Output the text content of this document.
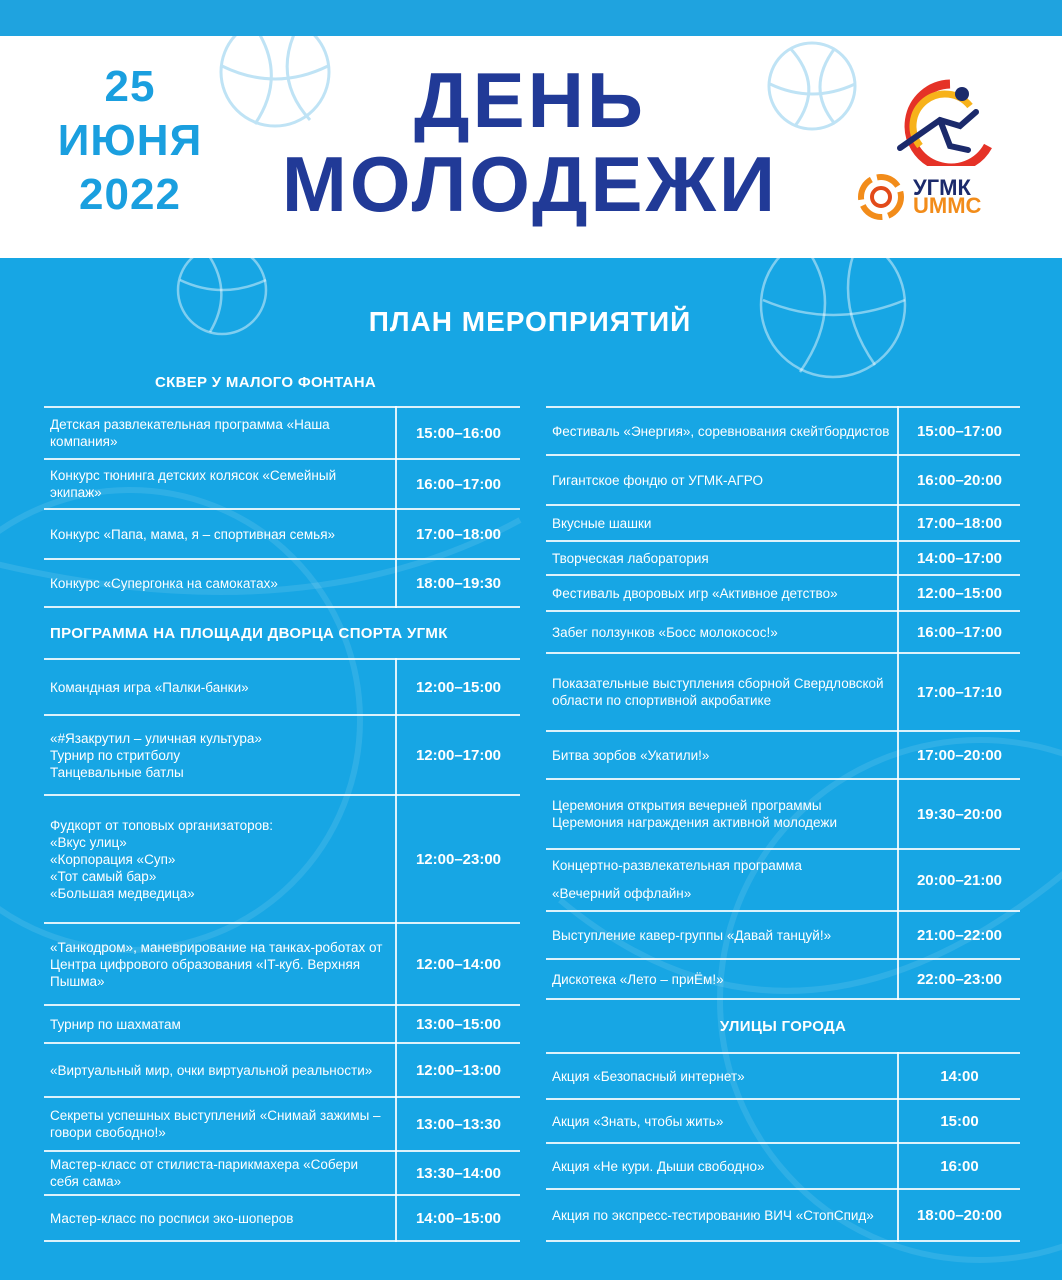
25
ИЮНЯ
2022
ДЕНЬ
МОЛОДЕЖИ	УГМК
UMMC
ПЛАН МЕРОПРИЯТИЙ
СКВЕР У МАЛОГО ФОНТАНА
Детская развлекательная программа «Наша компания»	15:00–16:00
Конкурс тюнинга детских колясок «Семейный экипаж»	16:00–17:00
Конкурс «Папа, мама, я – спортивная семья»	17:00–18:00
Конкурс «Супергонка на самокатах»	18:00–19:30
ПРОГРАММА НА ПЛОЩАДИ ДВОРЦА СПОРТА УГМК
Командная игра «Палки-банки»	12:00–15:00
«#Язакрутил – уличная культура»
Турнир по стритболу
Танцевальные батлы	12:00–17:00
Фудкорт от топовых организаторов:
«Вкус улиц»
«Корпорация «Суп»
«Тот самый бар»
«Большая медведица»	12:00–23:00
«Танкодром», маневрирование на танках-роботах от Центра цифрового образования «IT-куб. Верхняя Пышма»	12:00–14:00
Турнир по шахматам	13:00–15:00
«Виртуальный мир, очки виртуальной реальности»	12:00–13:00
Секреты успешных выступлений «Снимай зажимы – говори свободно!»	13:00–13:30
Мастер-класс от стилиста-парикмахера «Собери себя сама»	13:30–14:00
Мастер-класс по росписи эко-шоперов	14:00–15:00
Фестиваль «Энергия», соревнования скейтбордистов	15:00–17:00
Гигантское фондю от УГМК-АГРО	16:00–20:00
Вкусные шашки	17:00–18:00
Творческая лаборатория	14:00–17:00
Фестиваль дворовых игр «Активное детство»	12:00–15:00
Забег ползунков «Босс молокосос!»	16:00–17:00
Показательные выступления сборной Свердловской области по спортивной акробатике	17:00–17:10
Битва зорбов «Укатили!»	17:00–20:00
Церемония открытия вечерней программы
Церемония награждения активной молодежи	19:30–20:00
Концертно-развлекательная программа
«Вечерний оффлайн»	20:00–21:00
Выступление кавер-группы «Давай танцуй!»	21:00–22:00
Дискотека «Лето – приЁм!»	22:00–23:00
УЛИЦЫ ГОРОДА
Акция «Безопасный интернет»	14:00
Акция «Знать, чтобы жить»	15:00
Акция «Не кури. Дыши свободно»	16:00
Акция по экспресс-тестированию ВИЧ «СтопСпид»	18:00–20:00
